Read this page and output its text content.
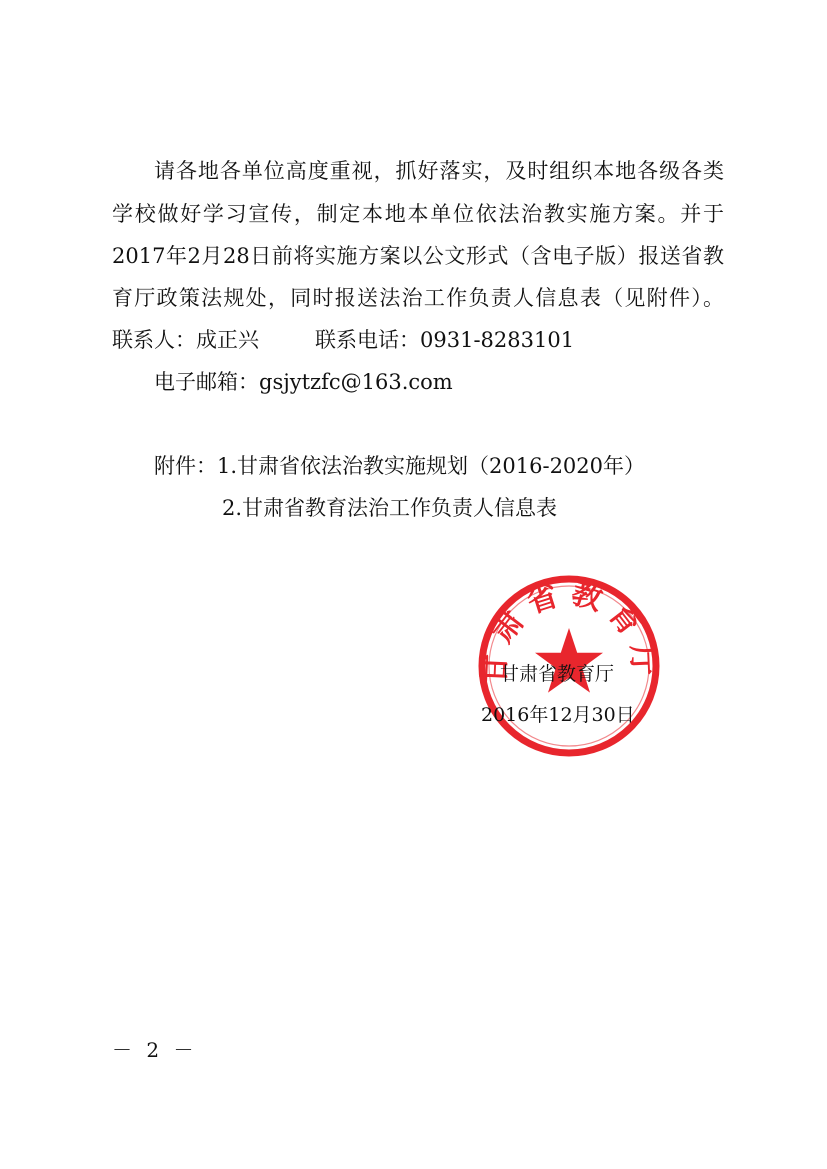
请各地各单位高度重视，抓好落实，及时组织本地各级各类
学校做好学习宣传，制定本地本单位依法治教实施方案。并于
2017年2月28日前将实施方案以公文形式（含电子版）报送省教
育厅政策法规处，同时报送法治工作负责人信息表（见附件）。
联系人：成正兴	联系电话：0931-8283101
电子邮箱：gsjytzfc@163.com
附件：1.甘肃省依法治教实施规划（2016-2020年）
2.甘肃省教育法治工作负责人信息表
甘肃省教育厅
甘肃省教育厅
2016年12月30日
－ 2 －
